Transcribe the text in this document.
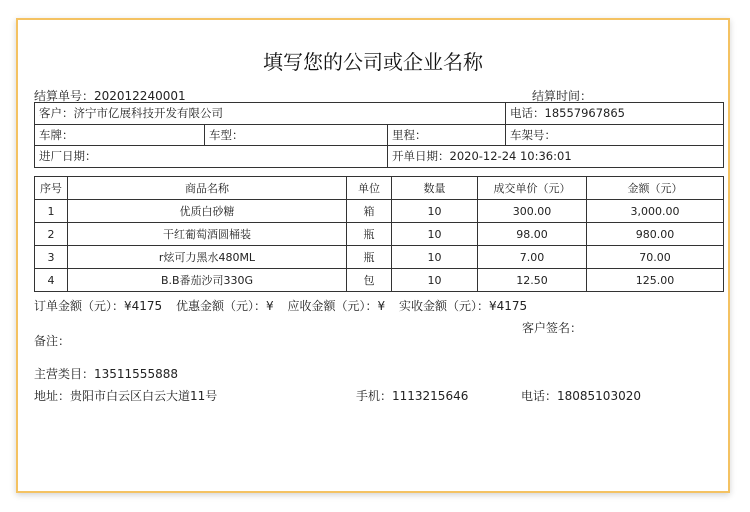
填写您的公司或企业名称
结算单号：202012240001	结算时间：
客户：济宁市亿展科技开发有限公司			电话：18557967865
车牌：	车型：	里程：	车架号：
进厂日期：		开单日期：2020-12-24 10:36:01	
序号	商品名称	单位	数量	成交单价（元）	金额（元）
1	优质白砂糖	箱	10	300.00	3,000.00
2	干红葡萄酒圆桶装	瓶	10	98.00	980.00
3	r炫可力黑水480ML	瓶	10	7.00	70.00
4	B.B番茄沙司330G	包	10	12.50	125.00
订单金额（元）：¥4175 优惠金额（元）：¥ 应收金额（元）：¥ 实收金额（元）：¥4175
客户签名：
备注：
主营类目：13511555888
地址：贵阳市白云区白云大道11号	手机：1113215646	电话：18085103020
